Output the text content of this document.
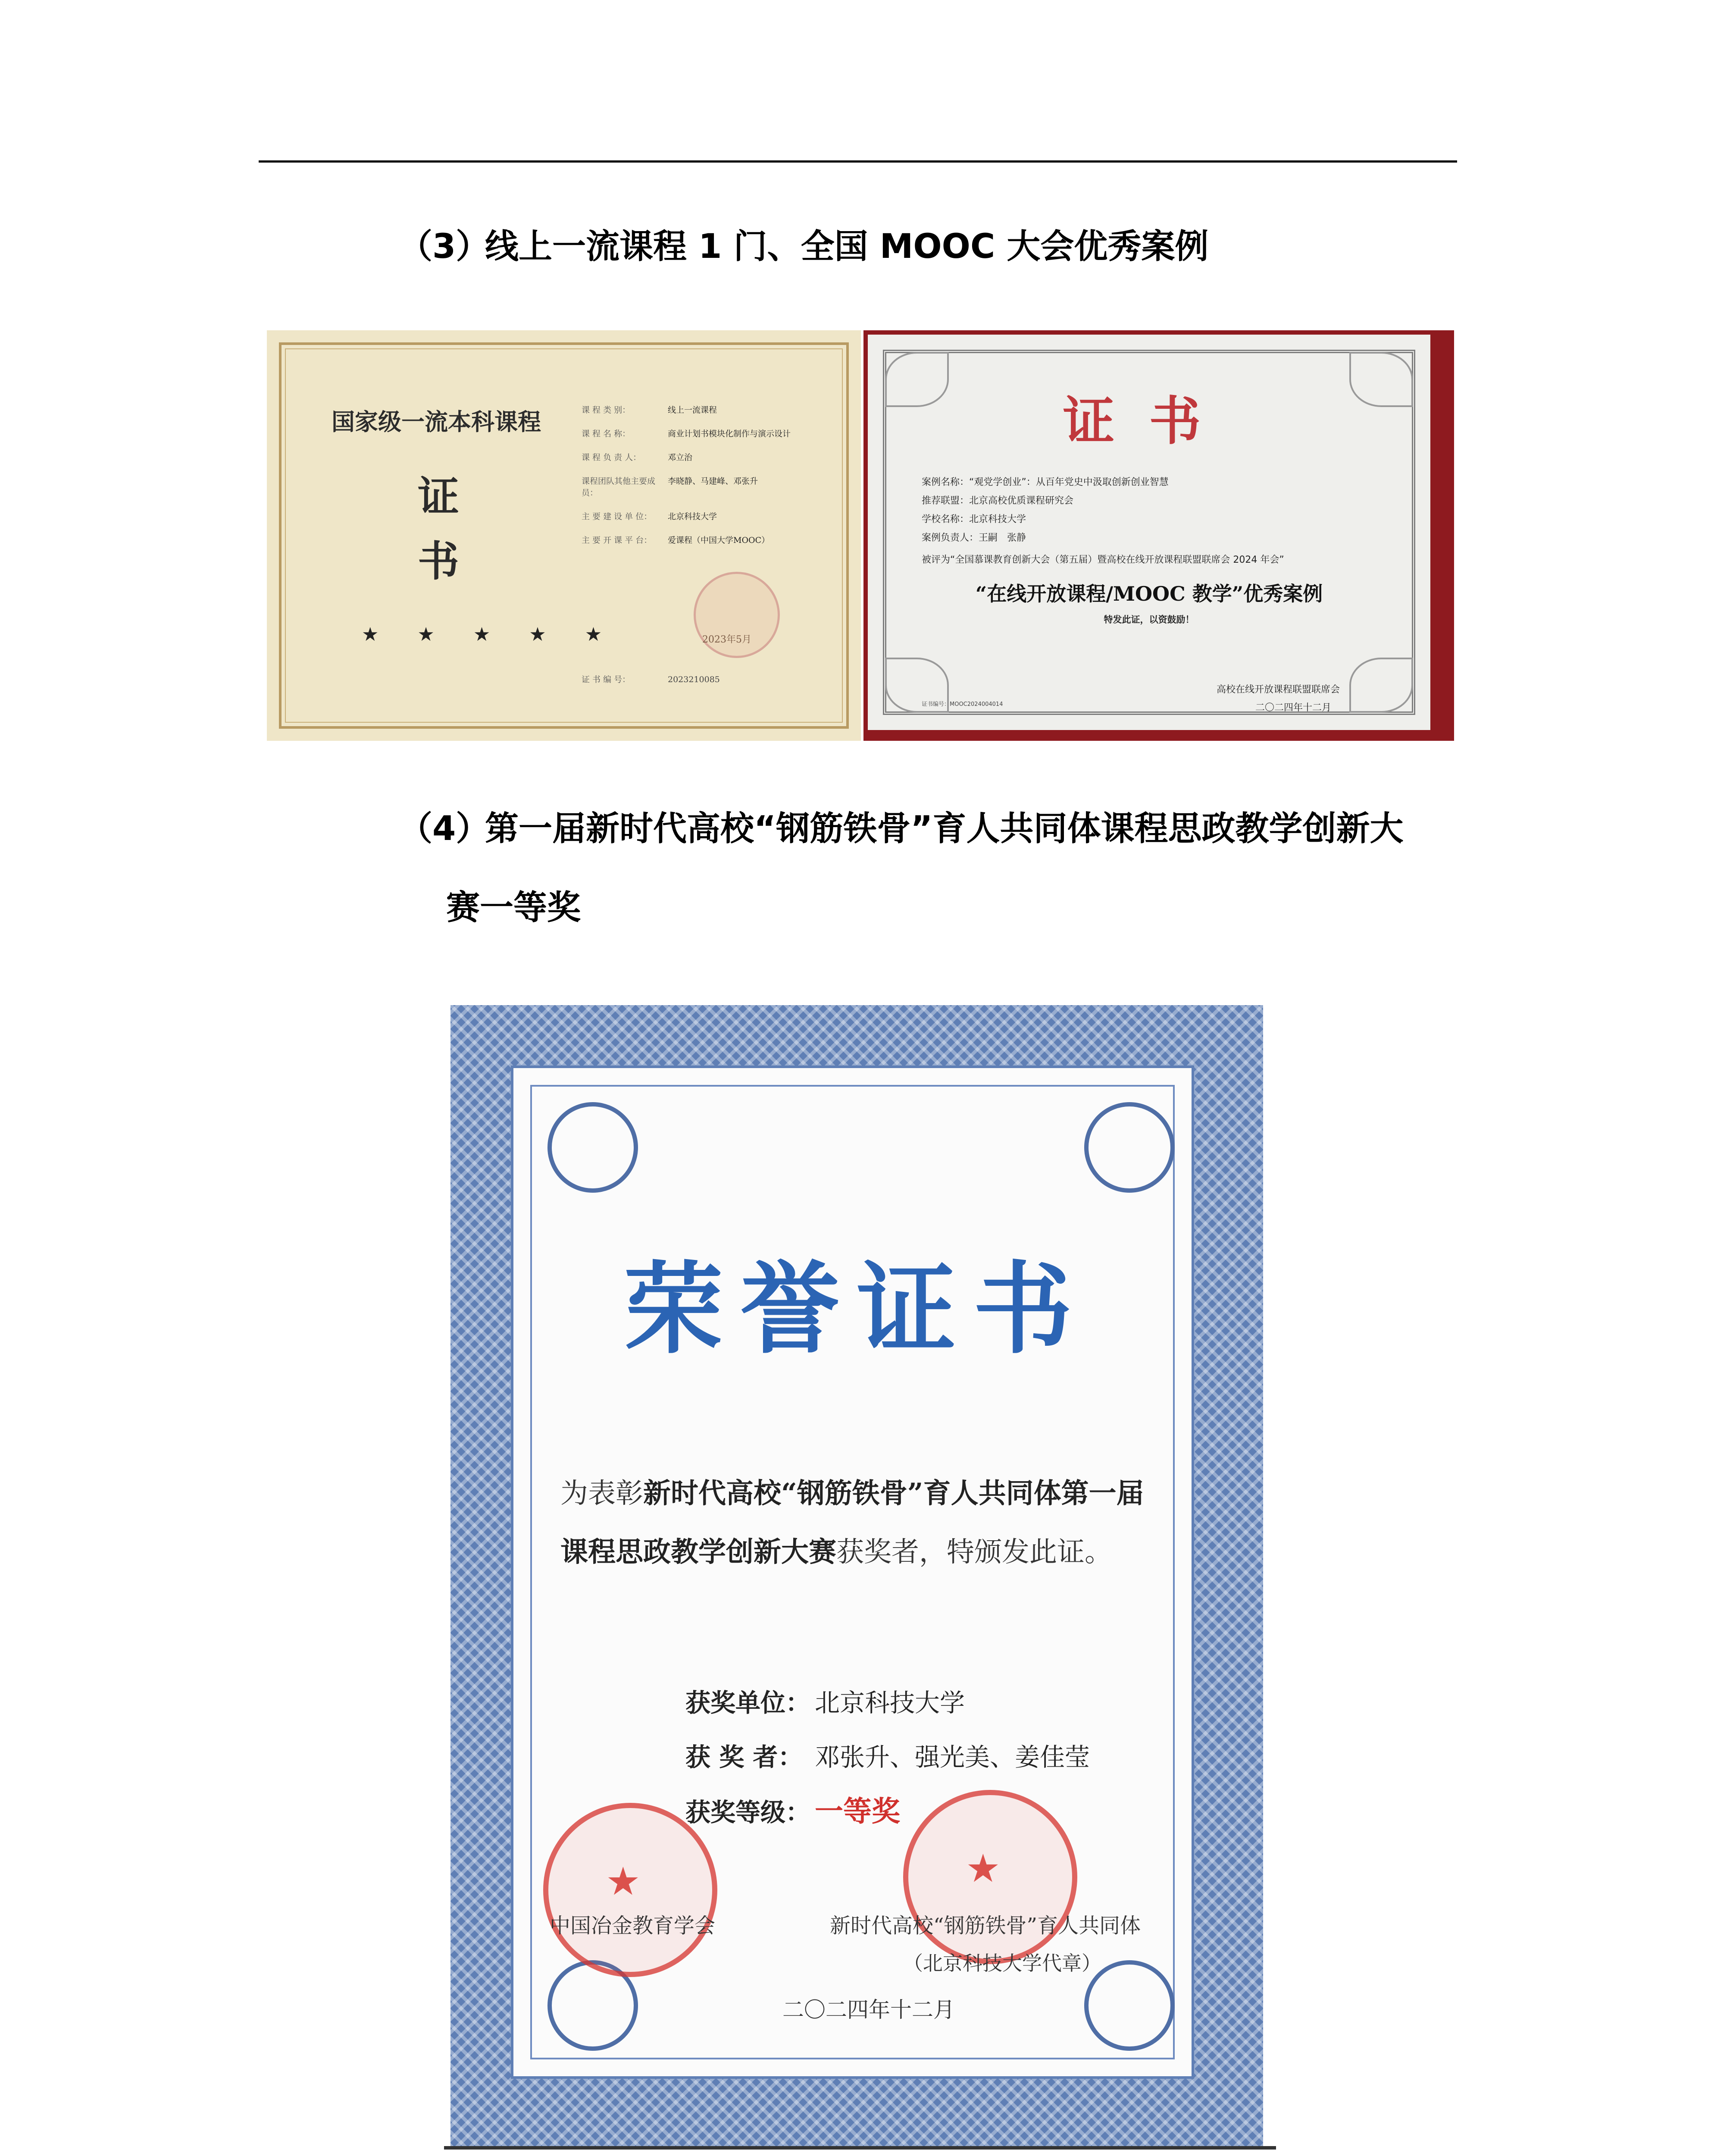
（3）线上一流课程 1 门、全国 MOOC 大会优秀案例
国家级一流本科课程
证
书
★ ★ ★ ★ ★
课 程 类 别：	线上一流课程
课 程 名 称：	商业计划书模块化制作与演示设计
课 程 负 责 人：	邓立治
课程团队其他主要成员：
李晓静、马建峰、邓张升
主 要 建 设 单 位：	北京科技大学
主 要 开 课 平 台：	爱课程（中国大学MOOC）
2023年5月
证 书 编 号：	2023210085
证书
案例名称：“观党学创业”：从百年党史中汲取创新创业智慧
推荐联盟：北京高校优质课程研究会
学校名称：北京科技大学
案例负责人：王嗣　张静
被评为“全国慕课教育创新大会（第五届）暨高校在线开放课程联盟联席会 2024 年会”
“在线开放课程/MOOC 教学”优秀案例
特发此证，以资鼓励！
证书编号：MOOC2024004014
高校在线开放课程联盟联席会
二〇二四年十二月
（4）第一届新时代高校“钢筋铁骨”育人共同体课程思政教学创新大
赛一等奖
荣誉证书
为表彰新时代高校“钢筋铁骨”育人共同体第一届课程思政教学创新大赛获奖者，特颁发此证。
获奖单位： 北京科技大学
获 奖 者： 邓张升、强光美、姜佳莹
获奖等级： 一等奖
★	★
中国冶金教育学会	新时代高校“钢筋铁骨”育人共同体
（北京科技大学代章）
二〇二四年十二月
